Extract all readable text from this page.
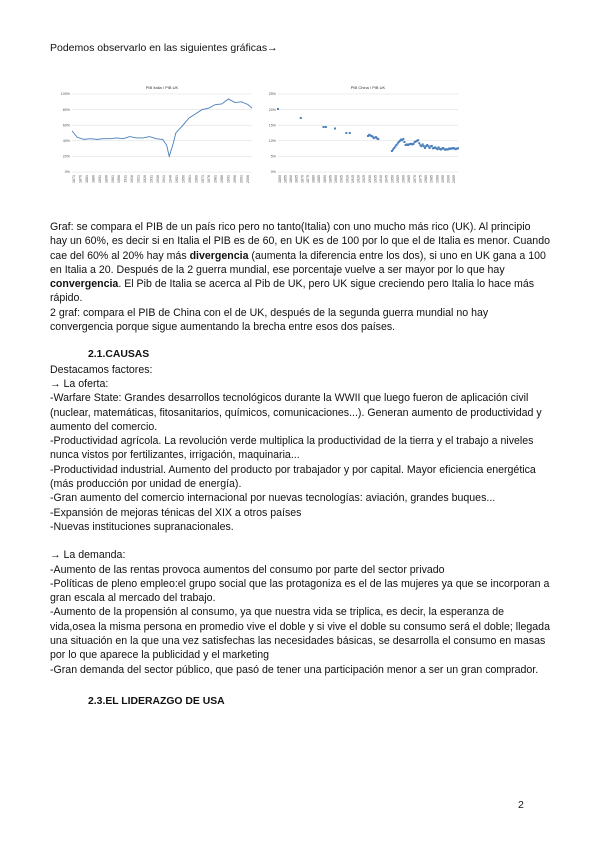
Podemos observarlo en las siguientes gráficas→
PIB Italia / PIB UK
100%
80%
60%
40%
20%
0%
1871 1876 1881 1886 1891 1896 1901 1906 1911 1916 1921 1926 1931 1936 1941 1946 1951 1956 1961 1966 1971 1976 1981 1986 1991 1996 2001 2006
PIB China / PIB UK
25%
20%
15%
10%
5%
0%
1850 1855 1860 1865 1870 1875 1880 1885 1890 1895 1900 1905 1910 1915 1920 1925 1930 1935 1940 1945 1950 1955 1960 1965 1970 1975 1980 1985 1990 1995 2000 2005

Graf: se compara el PIB de un país rico pero no tanto(Italia) con uno mucho más rico (UK). Al principio hay un 60%, es decir si en Italia el PIB es de 60, en UK es de 100 por lo que el de Italia es menor. Cuando cae del 60% al 20% hay más divergencia (aumenta la diferencia entre los dos), si uno en UK gana a 100 en Italia a 20. Después de la 2 guerra mundial, ese porcentaje vuelve a ser mayor por lo que hay convergencia. El Pib de Italia se acerca al Pib de UK, pero UK sigue creciendo pero Italia lo hace más rápido.

2 graf: compara el PIB de China con el de UK, después de la segunda guerra mundial no hay convergencia porque sigue aumentando la brecha entre esos dos países.

2.1.CAUSAS

Destacamos factores:

→ La oferta:

-Warfare State: Grandes desarrollos tecnológicos durante la WWII que luego fueron de aplicación civil (nuclear, matemáticas, fitosanitarios, químicos, comunicaciones...). Generan aumento de productividad y aumento del comercio.

-Productividad agrícola. La revolución verde multiplica la productividad de la tierra y el trabajo a niveles nunca vistos por fertilizantes, irrigación, maquinaria...

-Productividad industrial. Aumento del producto por trabajador y por capital. Mayor eficiencia energética (más producción por unidad de energía).

-Gran aumento del comercio internacional por nuevas tecnologías: aviación, grandes buques...

-Expansión de mejoras ténicas del XIX a otros países

-Nuevas instituciones supranacionales.

→ La demanda:

-Aumento de las rentas provoca aumentos del consumo por parte del sector privado

-Políticas de pleno empleo:el grupo social que las protagoniza es el de las mujeres ya que se incorporan a gran escala al mercado del trabajo.

-Aumento de la propensión al consumo, ya que nuestra vida se triplica, es decir, la esperanza de vida,osea la misma persona en promedio vive el doble y si vive el doble su consumo será el doble; llegada una situación en la que una vez satisfechas las necesidades básicas, se desarrolla el consumo en masas por lo que aparece la publicidad y el marketing

-Gran demanda del sector público, que pasó de tener una participación menor a ser un gran comprador.

2.3.EL LIDERAZGO DE USA

2
